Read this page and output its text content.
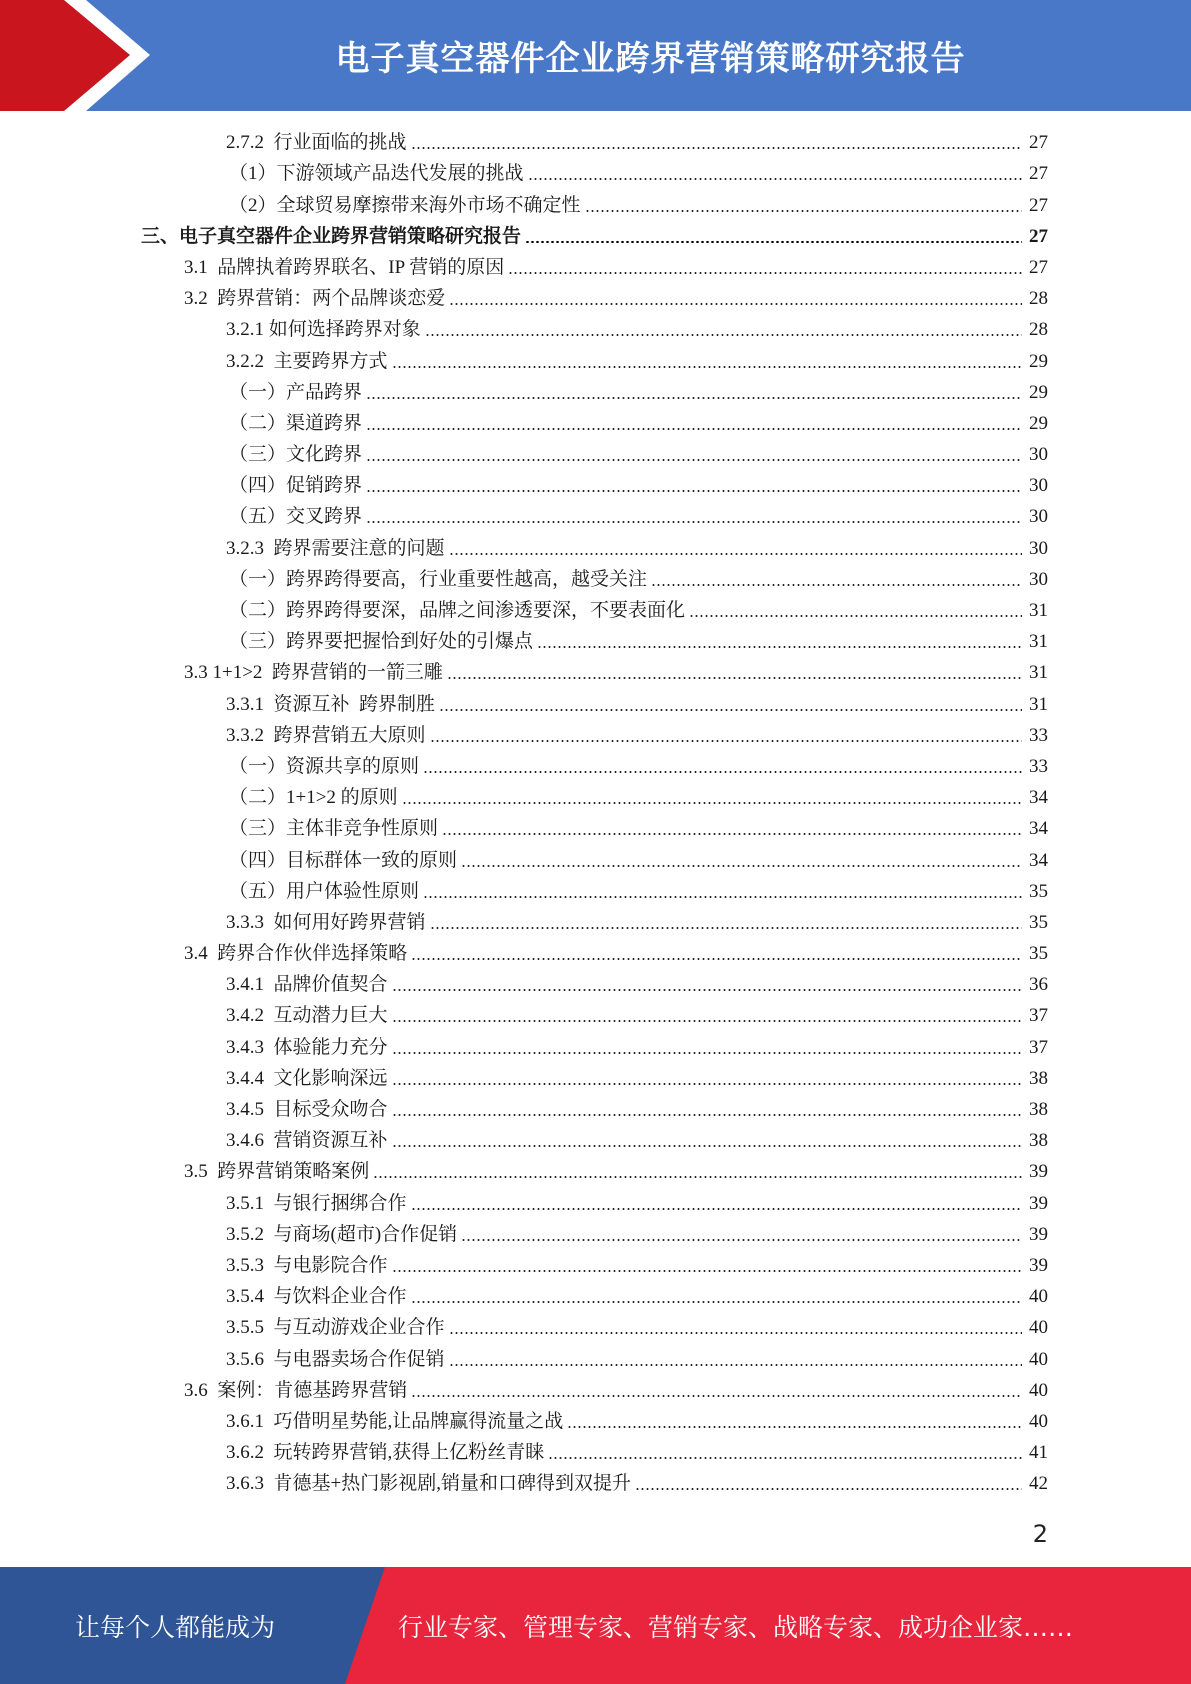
电子真空器件企业跨界营销策略研究报告
2.7.2  行业面临的挑战	27
（1）下游领域产品迭代发展的挑战	27
（2）全球贸易摩擦带来海外市场不确定性	27
三、电子真空器件企业跨界营销策略研究报告	27
3.1  品牌执着跨界联名、IP 营销的原因	27
3.2  跨界营销：两个品牌谈恋爱	28
3.2.1 如何选择跨界对象	28
3.2.2  主要跨界方式	29
（一）产品跨界	29
（二）渠道跨界	29
（三）文化跨界	30
（四）促销跨界	30
（五）交叉跨界	30
3.2.3  跨界需要注意的问题	30
（一）跨界跨得要高，行业重要性越高，越受关注	30
（二）跨界跨得要深，品牌之间渗透要深，不要表面化	31
（三）跨界要把握恰到好处的引爆点	31
3.3 1+1>2  跨界营销的一箭三雕	31
3.3.1  资源互补  跨界制胜	31
3.3.2  跨界营销五大原则	33
（一）资源共享的原则	33
（二）1+1>2 的原则	34
（三）主体非竞争性原则	34
（四）目标群体一致的原则	34
（五）用户体验性原则	35
3.3.3  如何用好跨界营销	35
3.4  跨界合作伙伴选择策略	35
3.4.1  品牌价值契合	36
3.4.2  互动潜力巨大	37
3.4.3  体验能力充分	37
3.4.4  文化影响深远	38
3.4.5  目标受众吻合	38
3.4.6  营销资源互补	38
3.5  跨界营销策略案例	39
3.5.1  与银行捆绑合作	39
3.5.2  与商场(超市)合作促销	39
3.5.3  与电影院合作	39
3.5.4  与饮料企业合作	40
3.5.5  与互动游戏企业合作	40
3.5.6  与电器卖场合作促销	40
3.6  案例：肯德基跨界营销	40
3.6.1  巧借明星势能,让品牌赢得流量之战	40
3.6.2  玩转跨界营销,获得上亿粉丝青睐	41
3.6.3  肯德基+热门影视剧,销量和口碑得到双提升	42
2
让每个人都能成为	行业专家、管理专家、营销专家、战略专家、成功企业家……
